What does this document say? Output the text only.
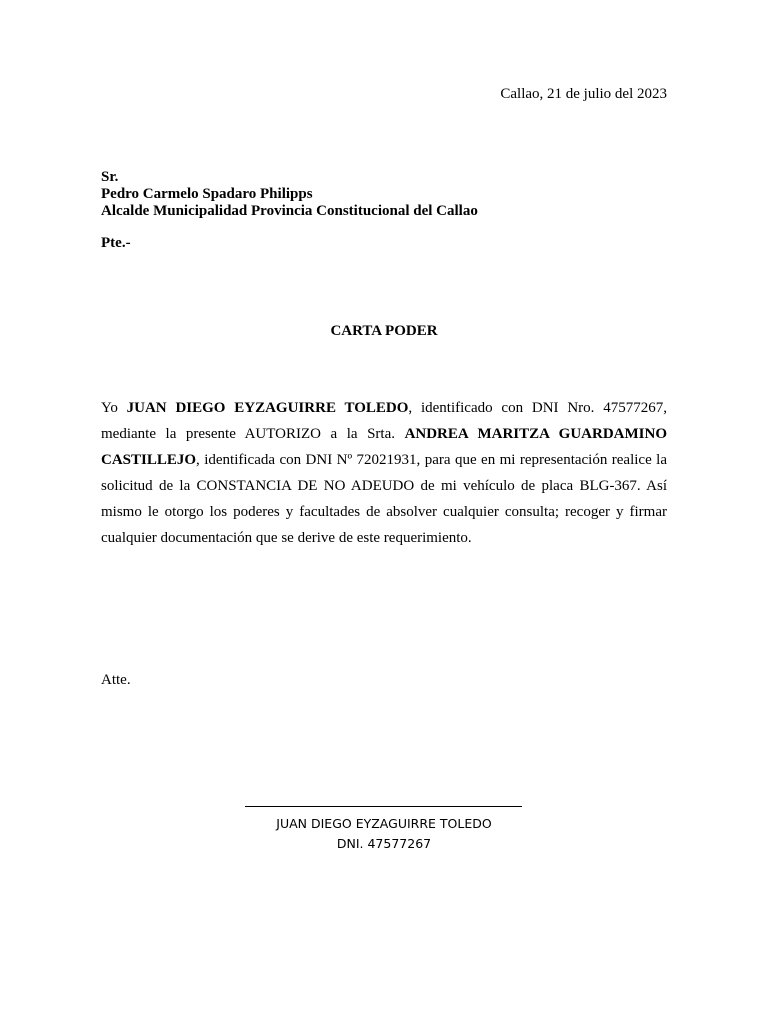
Callao, 21 de julio del 2023
Sr.
Pedro Carmelo Spadaro Philipps
Alcalde Municipalidad Provincia Constitucional del Callao
Pte.-
CARTA PODER
Yo JUAN DIEGO EYZAGUIRRE TOLEDO, identificado con DNI Nro. 47577267, mediante la presente AUTORIZO a la Srta. ANDREA MARITZA GUARDAMINO CASTILLEJO, identificada con DNI Nº 72021931, para que en mi representación realice la solicitud de la CONSTANCIA DE NO ADEUDO de mi vehículo de placa BLG-367. Así mismo le otorgo los poderes y facultades de absolver cualquier consulta; recoger y firmar cualquier documentación que se derive de este requerimiento.
Atte.
JUAN DIEGO EYZAGUIRRE TOLEDO
DNI. 47577267
